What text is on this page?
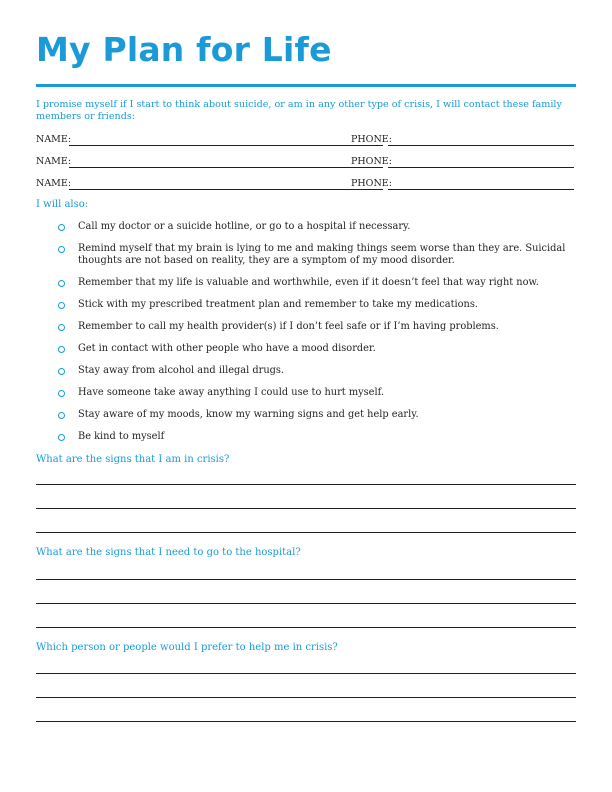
My Plan for Life
I promise myself if I start to think about suicide, or am in any other type of crisis, I will contact these family members or friends:
NAME:	PHONE:
NAME:	PHONE:
NAME:	PHONE:
I will also:
Call my doctor or a suicide hotline, or go to a hospital if necessary.
Remind myself that my brain is lying to me and making things seem worse than they are. Suicidal thoughts are not based on reality, they are a symptom of my mood disorder.
Remember that my life is valuable and worthwhile, even if it doesn’t feel that way right now.
Stick with my prescribed treatment plan and remember to take my medications.
Remember to call my health provider(s) if I don’t feel safe or if I’m having problems.
Get in contact with other people who have a mood disorder.
Stay away from alcohol and illegal drugs.
Have someone take away anything I could use to hurt myself.
Stay aware of my moods, know my warning signs and get help early.
Be kind to myself
What are the signs that I am in crisis?
What are the signs that I need to go to the hospital?
Which person or people would I prefer to help me in crisis?
